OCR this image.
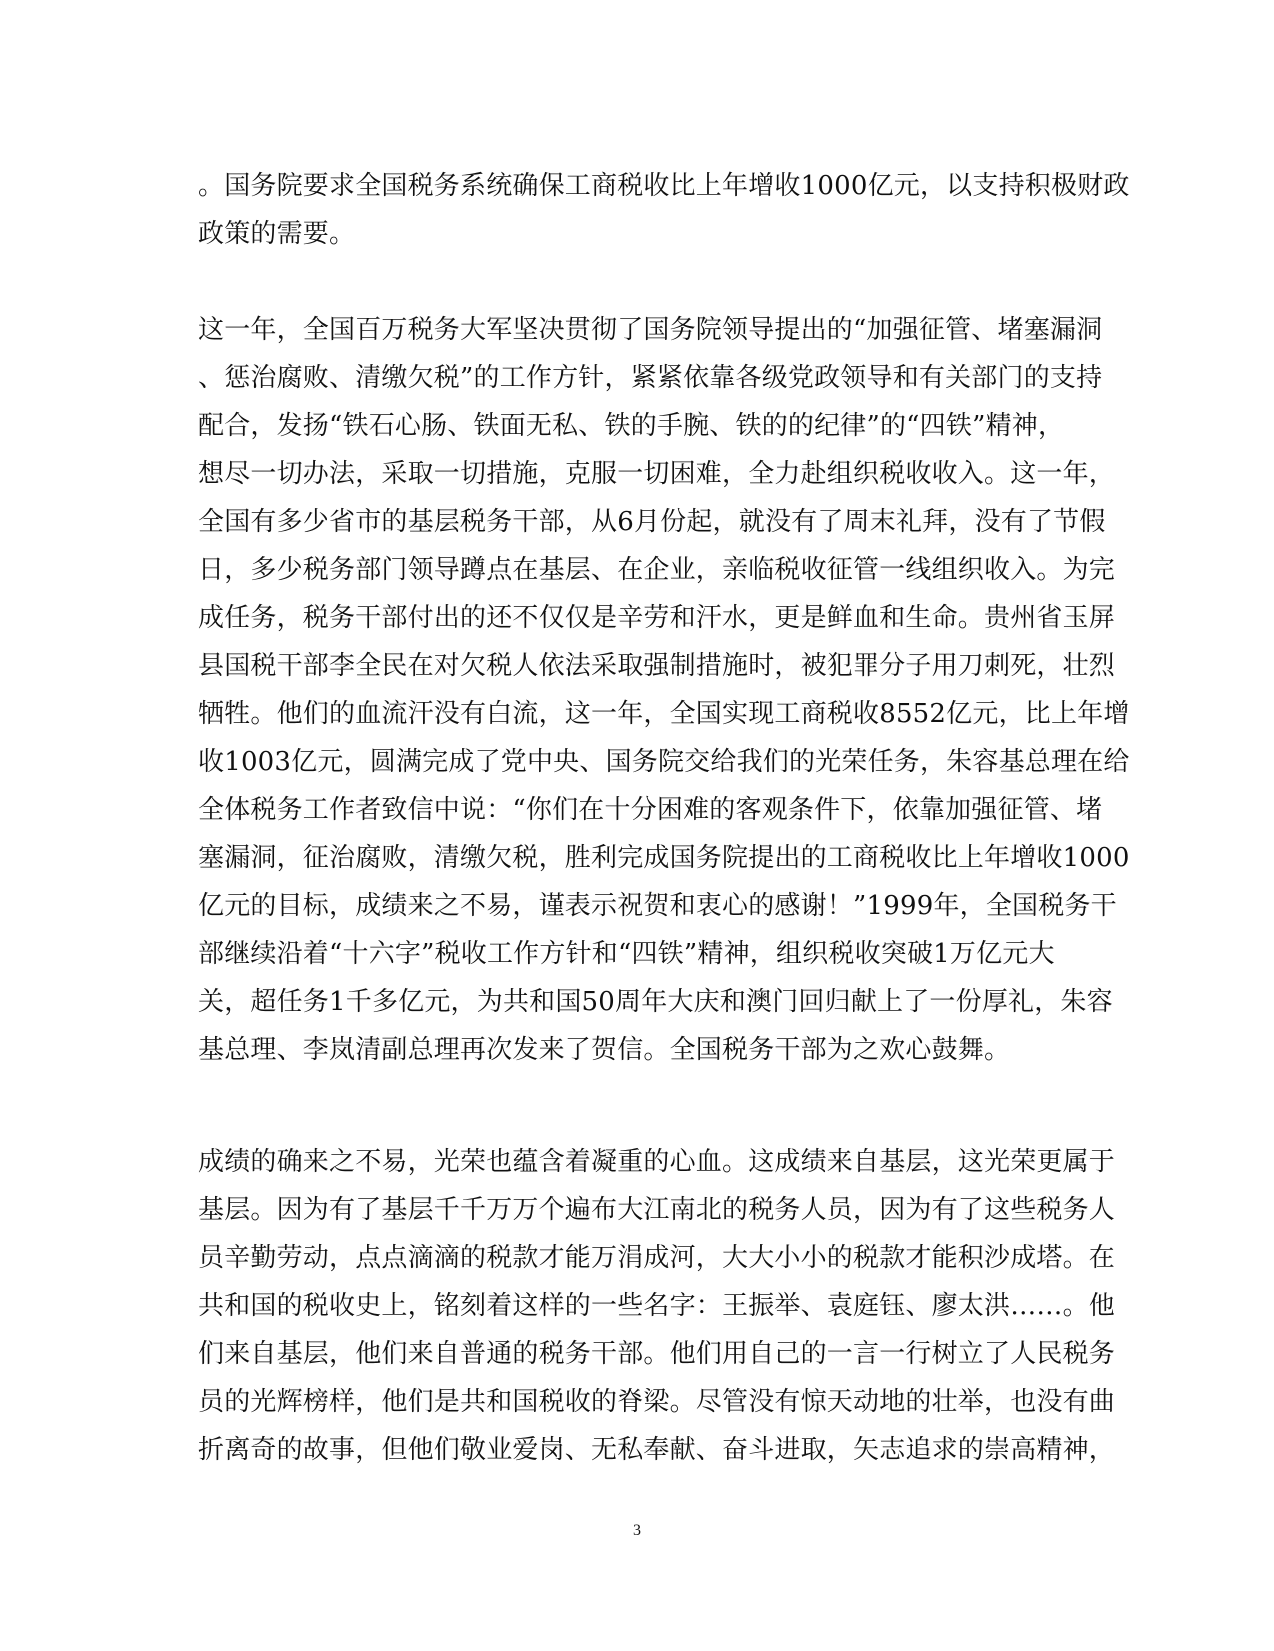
。国务院要求全国税务系统确保工商税收比上年增收1000亿元，以支持积极财政
政策的需要。
这一年，全国百万税务大军坚决贯彻了国务院领导提出的“加强征管、堵塞漏洞
、惩治腐败、清缴欠税”的工作方针，紧紧依靠各级党政领导和有关部门的支持
配合，发扬“铁石心肠、铁面无私、铁的手腕、铁的的纪律”的“四铁”精神，
想尽一切办法，采取一切措施，克服一切困难，全力赴组织税收收入。这一年，
全国有多少省市的基层税务干部，从6月份起，就没有了周末礼拜，没有了节假
日，多少税务部门领导蹲点在基层、在企业，亲临税收征管一线组织收入。为完
成任务，税务干部付出的还不仅仅是辛劳和汗水，更是鲜血和生命。贵州省玉屏
县国税干部李全民在对欠税人依法采取强制措施时，被犯罪分子用刀刺死，壮烈
牺牲。他们的血流汗没有白流，这一年，全国实现工商税收8552亿元，比上年增
收1003亿元，圆满完成了党中央、国务院交给我们的光荣任务，朱容基总理在给
全体税务工作者致信中说：“你们在十分困难的客观条件下，依靠加强征管、堵
塞漏洞，征治腐败，清缴欠税，胜利完成国务院提出的工商税收比上年增收1000
亿元的目标，成绩来之不易，谨表示祝贺和衷心的感谢！”1999年，全国税务干
部继续沿着“十六字”税收工作方针和“四铁”精神，组织税收突破1万亿元大
关，超任务1千多亿元，为共和国50周年大庆和澳门回归献上了一份厚礼，朱容
基总理、李岚清副总理再次发来了贺信。全国税务干部为之欢心鼓舞。
成绩的确来之不易，光荣也蕴含着凝重的心血。这成绩来自基层，这光荣更属于
基层。因为有了基层千千万万个遍布大江南北的税务人员，因为有了这些税务人
员辛勤劳动，点点滴滴的税款才能万涓成河，大大小小的税款才能积沙成塔。在
共和国的税收史上，铭刻着这样的一些名字：王振举、袁庭钰、廖太洪……。他
们来自基层，他们来自普通的税务干部。他们用自己的一言一行树立了人民税务
员的光辉榜样，他们是共和国税收的脊梁。尽管没有惊天动地的壮举，也没有曲
折离奇的故事，但他们敬业爱岗、无私奉献、奋斗进取，矢志追求的崇高精神，
3
